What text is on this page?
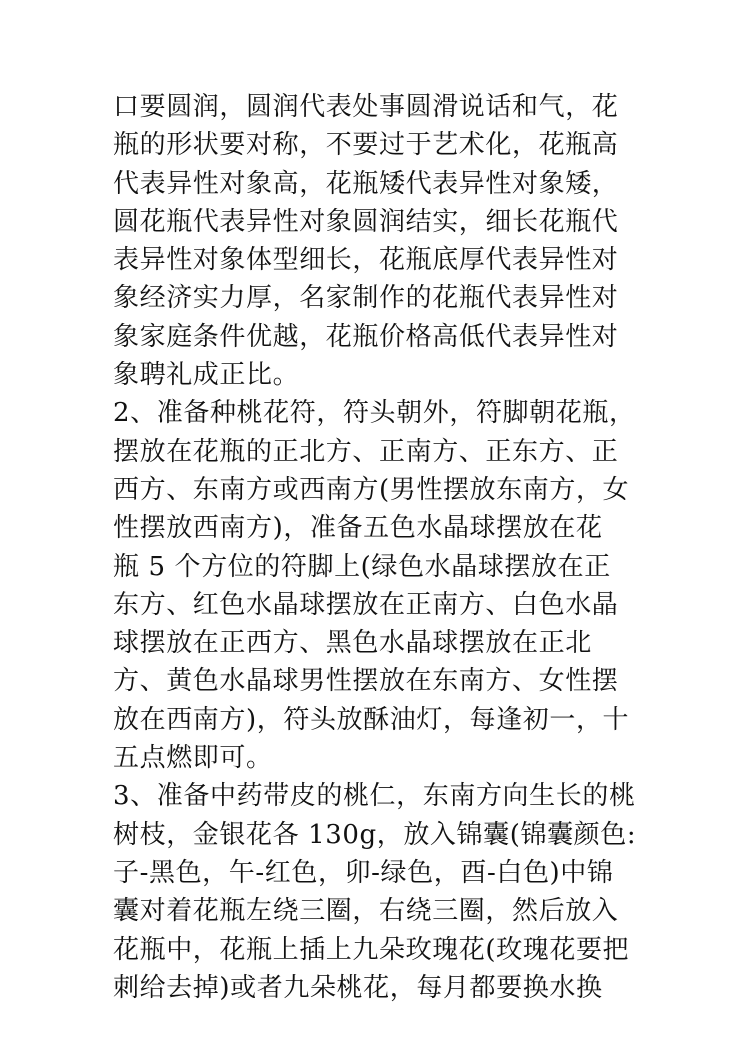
口要圆润，圆润代表处事圆滑说话和气，花
瓶的形状要对称，不要过于艺术化，花瓶高
代表异性对象高，花瓶矮代表异性对象矮，
圆花瓶代表异性对象圆润结实，细长花瓶代
表异性对象体型细长，花瓶底厚代表异性对
象经济实力厚，名家制作的花瓶代表异性对
象家庭条件优越，花瓶价格高低代表异性对
象聘礼成正比。
2、准备种桃花符，符头朝外，符脚朝花瓶，
摆放在花瓶的正北方、正南方、正东方、正
西方、东南方或西南方(男性摆放东南方，女
性摆放西南方)，准备五色水晶球摆放在花
瓶 5 个方位的符脚上(绿色水晶球摆放在正
东方、红色水晶球摆放在正南方、白色水晶
球摆放在正西方、黑色水晶球摆放在正北
方、黄色水晶球男性摆放在东南方、女性摆
放在西南方)，符头放酥油灯，每逢初一，十
五点燃即可。
3、准备中药带皮的桃仁，东南方向生长的桃
树枝，金银花各 130g，放入锦囊(锦囊颜色:
子-黑色，午-红色，卯-绿色，酉-白色)中锦
囊对着花瓶左绕三圈，右绕三圈，然后放入
花瓶中，花瓶上插上九朵玫瑰花(玫瑰花要把
刺给去掉)或者九朵桃花，每月都要换水换
